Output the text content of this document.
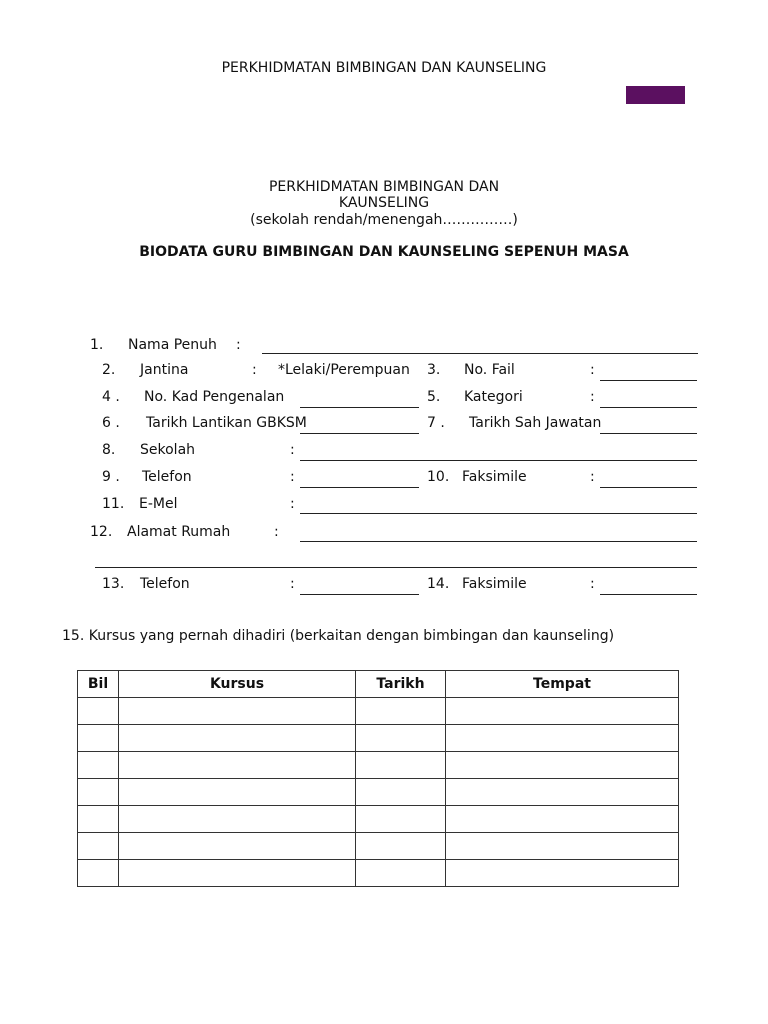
PERKHIDMATAN BIMBINGAN DAN KAUNSELING
PERKHIDMATAN BIMBINGAN DAN
KAUNSELING
(sekolah rendah/menengah……………)
BIODATA GURU BIMBINGAN DAN KAUNSELING SEPENUH MASA
1. Nama Penuh :
2. Jantina	: *Lelaki/Perempuan 3. No. Fail	:
4 . No. Kad Pengenalan	5. Kategori	:
6 . Tarikh Lantikan GBKSM	7 . Tarikh Sah Jawatan
8. Sekolah	:
9 . Telefon	:	10. Faksimile	:
11. E-Mel	:
12. Alamat Rumah	:
13. Telefon	:	14. Faksimile	:
15. Kursus yang pernah dihadiri (berkaitan dengan bimbingan dan kaunseling)
Bil	Kursus	Tarikh	Tempat
